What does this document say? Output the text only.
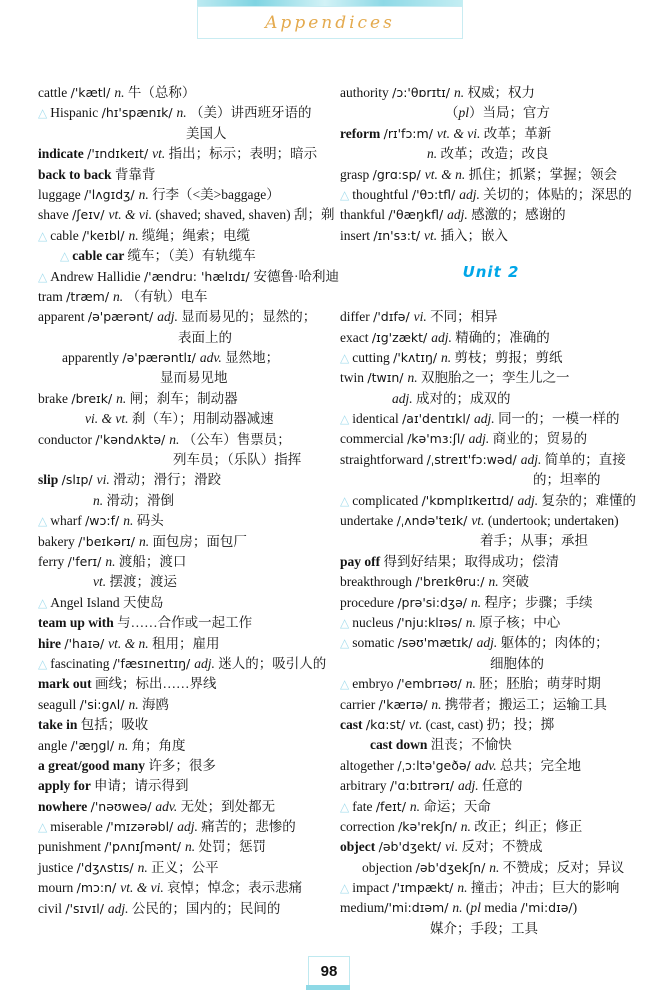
Appendices
cattle /'kætl/ n. 牛（总称）
△ Hispanic /hɪ'spænɪk/ n. （美）讲西班牙语的
美国人
indicate /'ɪndɪkeɪt/ vt. 指出；标示；表明；暗示
back to back 背靠背
luggage /'lʌgɪdʒ/ n. 行李（<美>baggage）
shave /ʃeɪv/ vt. & vi. (shaved; shaved, shaven) 刮；剃
△ cable /'keɪbl/ n. 缆绳；绳索；电缆
△ cable car 缆车；（美）有轨缆车
△ Andrew Hallidie /'ændru: 'hælɪdɪ/ 安德鲁·哈利迪
tram /træm/ n. （有轨）电车
apparent /ə'pærənt/ adj. 显而易见的；显然的；
表面上的
apparently /ə'pærəntlɪ/ adv. 显然地；
显而易见地
brake /breɪk/ n. 闸；刹车；制动器
vi. & vt. 刹（车）；用制动器减速
conductor /'kəndʌktə/ n. （公车）售票员；
列车员；（乐队）指挥
slip /slɪp/ vi. 滑动；滑行；滑跤
n. 滑动；滑倒
△ wharf /wɔ:f/ n. 码头
bakery /'beɪkərɪ/ n. 面包房；面包厂
ferry /'ferɪ/ n. 渡船；渡口
vt. 摆渡；渡运
△ Angel Island 天使岛
team up with 与……合作或一起工作
hire /'haɪə/ vt. & n. 租用；雇用
△ fascinating /'fæsɪneɪtɪŋ/ adj. 迷人的；吸引人的
mark out 画线；标出……界线
seagull /'si:gʌl/ n. 海鸥
take in 包括；吸收
angle /'æŋgl/ n. 角；角度
a great/good many 许多；很多
apply for 申请；请示得到
nowhere /'nəʊweə/ adv. 无处；到处都无
△ miserable /'mɪzərəbl/ adj. 痛苦的；悲惨的
punishment /'pʌnɪʃmənt/ n. 处罚；惩罚
justice /'dʒʌstɪs/ n. 正义；公平
mourn /mɔ:n/ vt. & vi. 哀悼；悼念；表示悲痛
civil /'sɪvɪl/ adj. 公民的；国内的；民间的
authority /ɔ:'θɒrɪtɪ/ n. 权威；权力
（pl）当局；官方
reform /rɪ'fɔ:m/ vt. & vi. 改革；革新
n. 改革；改造；改良
grasp /grɑ:sp/ vt. & n. 抓住；抓紧；掌握；领会
△ thoughtful /'θɔ:tfl/ adj. 关切的；体贴的；深思的
thankful /'θæŋkfl/ adj. 感激的；感谢的
insert /ɪn'sɜ:t/ vt. 插入；嵌入
Unit 2
differ /'dɪfə/ vi. 不同；相异
exact /ɪg'zækt/ adj. 精确的；准确的
△ cutting /'kʌtɪŋ/ n. 剪枝；剪报；剪纸
twin /twɪn/ n. 双胞胎之一；孪生儿之一
adj. 成对的；成双的
△ identical /aɪ'dentɪkl/ adj. 同一的；一模一样的
commercial /kə'mɜ:ʃl/ adj. 商业的；贸易的
straightforward /ˌstreɪt'fɔ:wəd/ adj. 简单的；直接
的；坦率的
△ complicated /'kɒmplɪkeɪtɪd/ adj. 复杂的；难懂的
undertake /ˌʌndə'teɪk/ vt. (undertook; undertaken)
着手；从事；承担
pay off 得到好结果；取得成功；偿清
breakthrough /'breɪkθru:/ n. 突破
procedure /prə'si:dʒə/ n. 程序；步骤；手续
△ nucleus /'nju:klɪəs/ n. 原子核；中心
△ somatic /səʊ'mætɪk/ adj. 躯体的；肉体的；
细胞体的
△ embryo /'embrɪəʊ/ n. 胚；胚胎；萌芽时期
carrier /'kærɪə/ n. 携带者；搬运工；运输工具
cast /kɑ:st/ vt. (cast, cast) 扔；投；掷
cast down 沮丧；不愉快
altogether /ˌɔ:ltə'geðə/ adv. 总共；完全地
arbitrary /'ɑ:bɪtrərɪ/ adj. 任意的
△ fate /feɪt/ n. 命运；天命
correction /kə'rekʃn/ n. 改正；纠正；修正
object /əb'dʒekt/ vi. 反对；不赞成
objection /əb'dʒekʃn/ n. 不赞成；反对；异议
△ impact /'ɪmpækt/ n. 撞击；冲击；巨大的影响
medium/'mi:dɪəm/ n. (pl media /'mi:dɪə/)
媒介；手段；工具
98
